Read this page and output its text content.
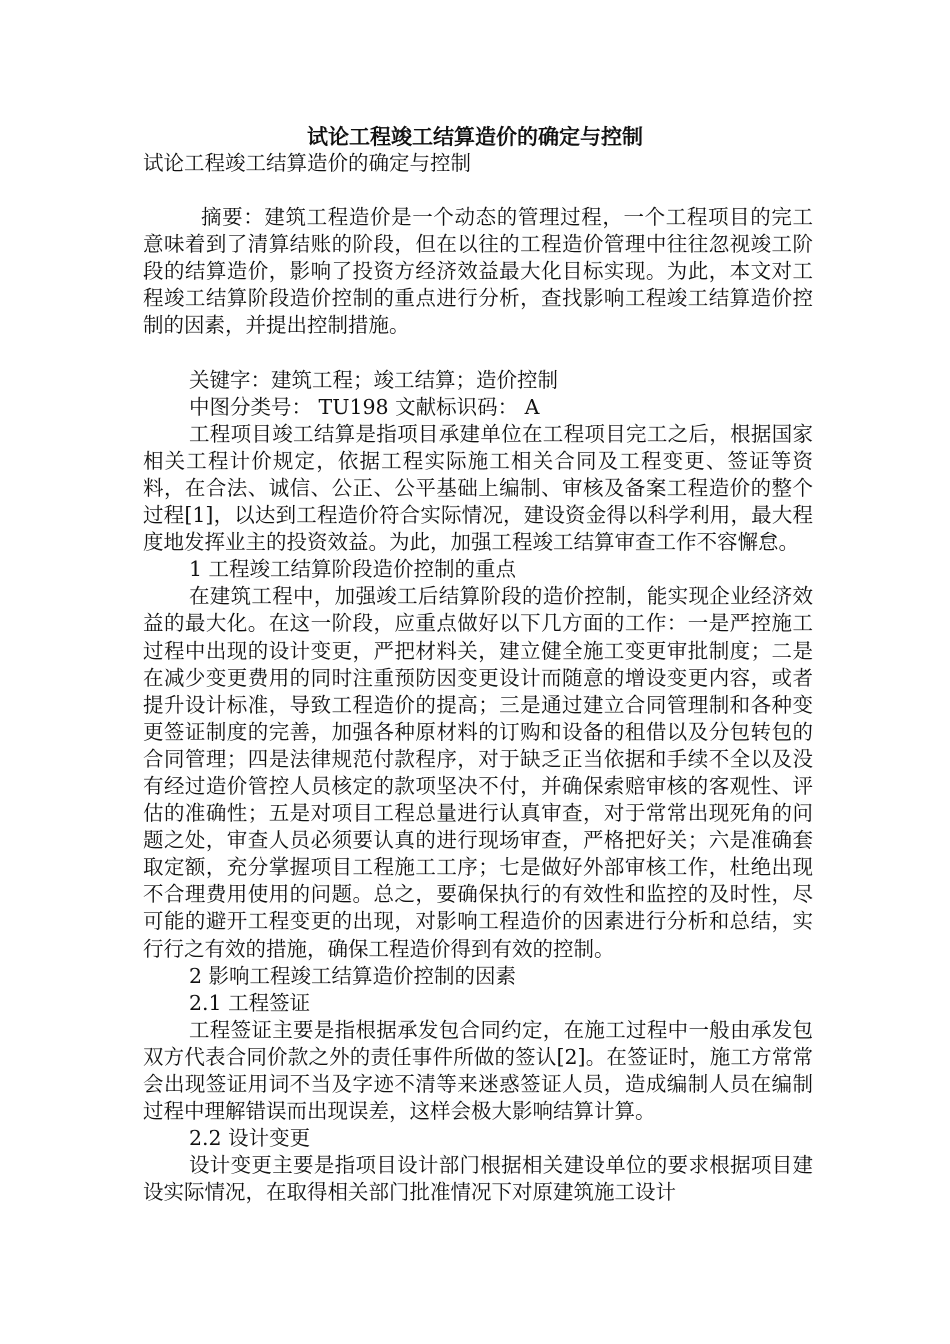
试论工程竣工结算造价的确定与控制

试论工程竣工结算造价的确定与控制

摘要：建筑工程造价是一个动态的管理过程，一个工程项目的完工意味着到了清算结账的阶段，但在以往的工程造价管理中往往忽视竣工阶段的结算造价，影响了投资方经济效益最大化目标实现。为此，本文对工程竣工结算阶段造价控制的重点进行分析，查找影响工程竣工结算造价控制的因素，并提出控制措施。

关键字：建筑工程；竣工结算；造价控制

中图分类号： TU198 文献标识码： A

工程项目竣工结算是指项目承建单位在工程项目完工之后，根据国家相关工程计价规定，依据工程实际施工相关合同及工程变更、签证等资料，在合法、诚信、公正、公平基础上编制、审核及备案工程造价的整个过程[1]，以达到工程造价符合实际情况，建设资金得以科学利用，最大程度地发挥业主的投资效益。为此，加强工程竣工结算审查工作不容懈怠。

1 工程竣工结算阶段造价控制的重点

在建筑工程中，加强竣工后结算阶段的造价控制，能实现企业经济效益的最大化。在这一阶段，应重点做好以下几方面的工作：一是严控施工过程中出现的设计变更，严把材料关，建立健全施工变更审批制度；二是在减少变更费用的同时注重预防因变更设计而随意的增设变更内容，或者提升设计标准，导致工程造价的提高；三是通过建立合同管理制和各种变更签证制度的完善，加强各种原材料的订购和设备的租借以及分包转包的合同管理；四是法律规范付款程序，对于缺乏正当依据和手续不全以及没有经过造价管控人员核定的款项坚决不付，并确保索赔审核的客观性、评估的准确性；五是对项目工程总量进行认真审查，对于常常出现死角的问题之处，审查人员必须要认真的进行现场审查，严格把好关；六是准确套取定额，充分掌握项目工程施工工序；七是做好外部审核工作，杜绝出现不合理费用使用的问题。总之，要确保执行的有效性和监控的及时性，尽可能的避开工程变更的出现，对影响工程造价的因素进行分析和总结，实行行之有效的措施，确保工程造价得到有效的控制。

2 影响工程竣工结算造价控制的因素

2.1 工程签证

工程签证主要是指根据承发包合同约定，在施工过程中一般由承发包双方代表合同价款之外的责任事件所做的签认[2]。在签证时，施工方常常会出现签证用词不当及字迹不清等来迷惑签证人员，造成编制人员在编制过程中理解错误而出现误差，这样会极大影响结算计算。

2.2 设计变更

设计变更主要是指项目设计部门根据相关建设单位的要求根据项目建设实际情况，在取得相关部门批准情况下对原建筑施工设计
